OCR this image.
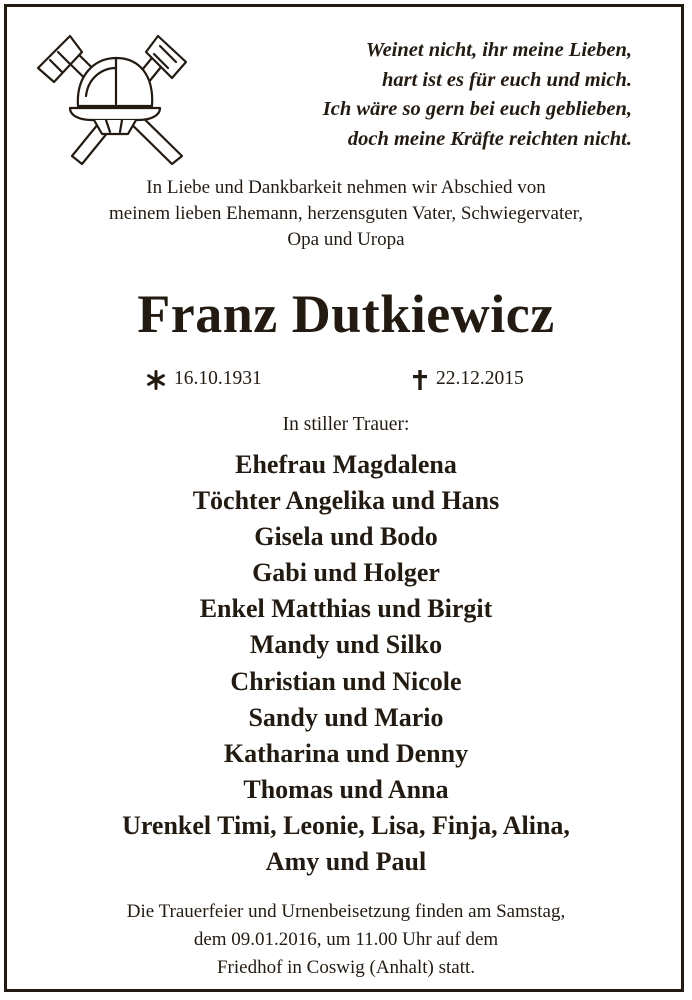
Weinet nicht, ihr meine Lieben,
hart ist es für euch und mich.
Ich wäre so gern bei euch geblieben,
doch meine Kräfte reichten nicht.
In Liebe und Dankbarkeit nehmen wir Abschied von
meinem lieben Ehemann, herzensguten Vater, Schwiegervater,
Opa und Uropa
Franz Dutkiewicz
16.10.1931	22.12.2015
In stiller Trauer:
Ehefrau Magdalena
Töchter Angelika und Hans
Gisela und Bodo
Gabi und Holger
Enkel Matthias und Birgit
Mandy und Silko
Christian und Nicole
Sandy und Mario
Katharina und Denny
Thomas und Anna
Urenkel Timi, Leonie, Lisa, Finja, Alina,
Amy und Paul
Die Trauerfeier und Urnenbeisetzung finden am Samstag,
dem 09.01.2016, um 11.00 Uhr auf dem
Friedhof in Coswig (Anhalt) statt.
